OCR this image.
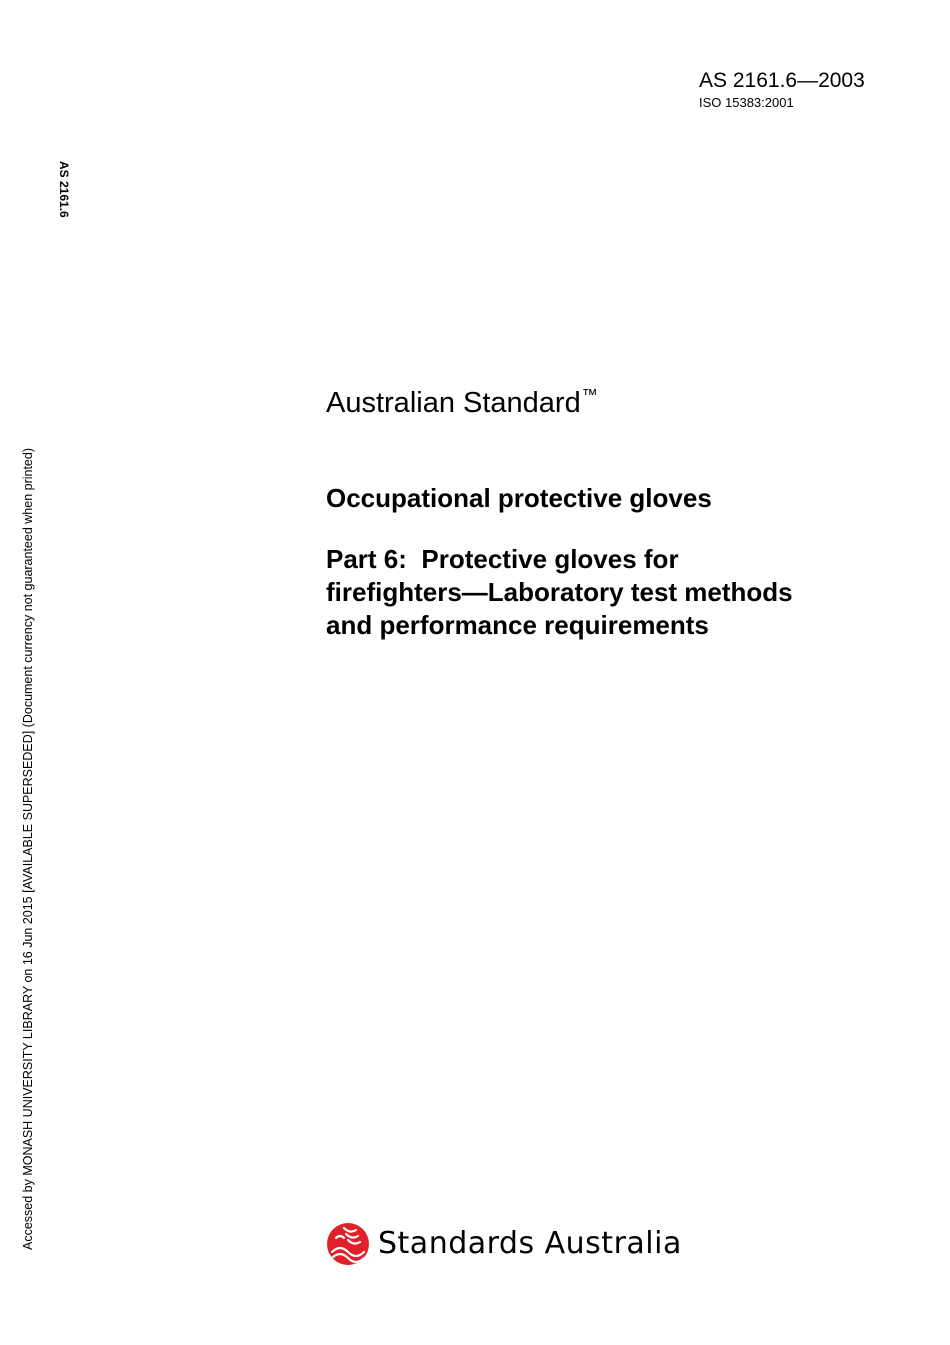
AS 2161.6—2003
ISO 15383:2001
AS 2161.6
Accessed by MONASH UNIVERSITY LIBRARY on 16 Jun 2015 [AVAILABLE SUPERSEDED] (Document currency not guaranteed when printed)
Australian Standard™
Occupational protective gloves
Part 6:  Protective gloves for
firefighters—Laboratory test methods
and performance requirements
Standards Australia
